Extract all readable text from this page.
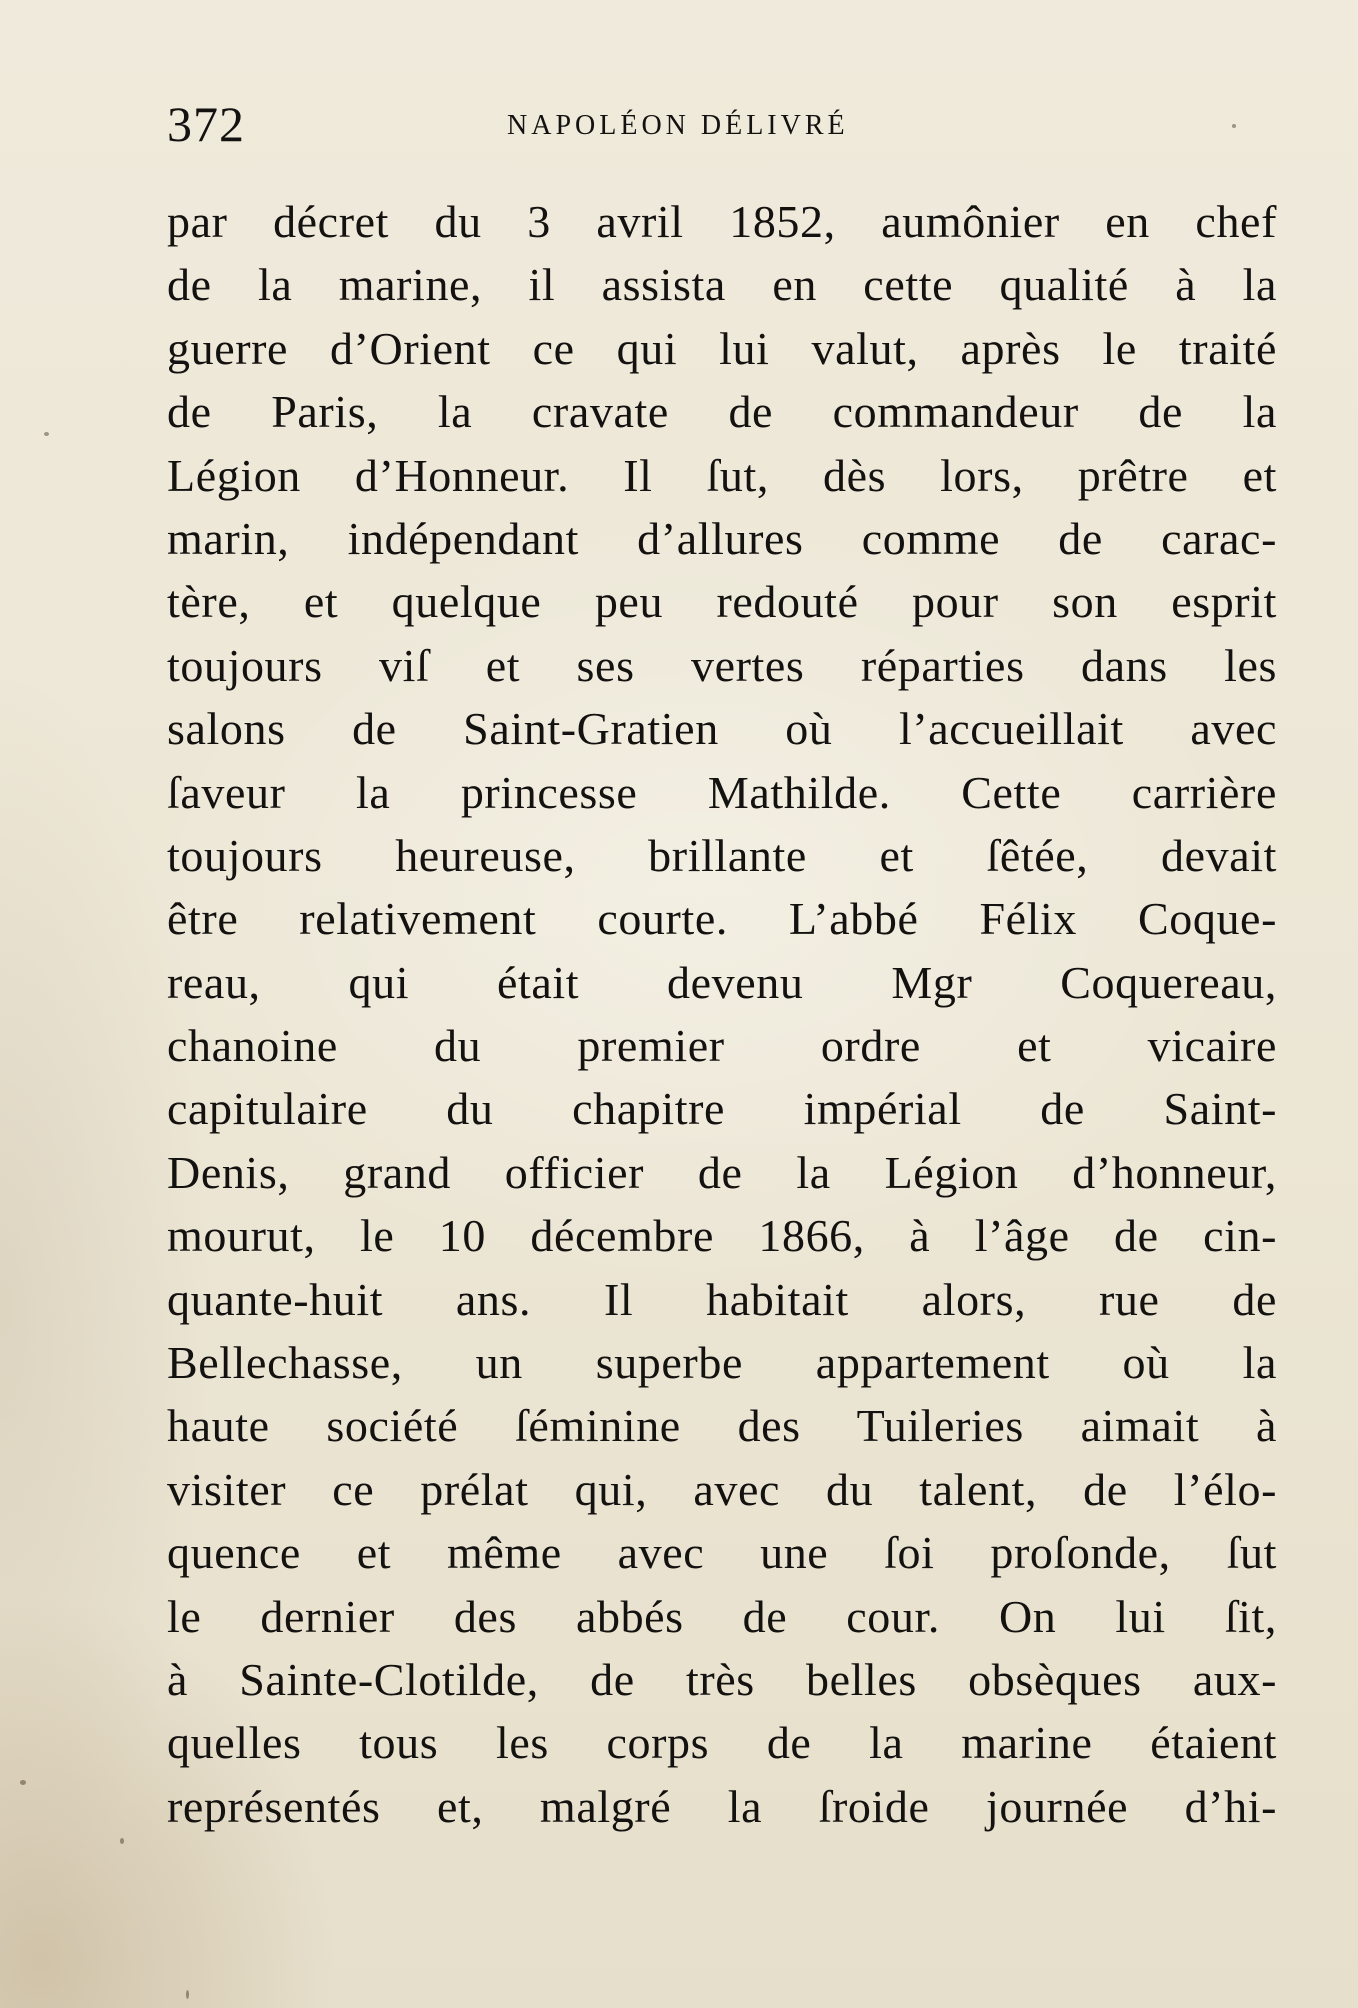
372	NAPOLÉON DÉLIVRÉ
par décret du 3 avril 1852, aumônier en chef
de la marine, il assista en cette qualité à la
guerre d’Orient ce qui lui valut, après le traité
de Paris, la cravate de commandeur de la
Légion d’Honneur. Il ſut, dès lors, prêtre et
marin, indépendant d’allures comme de carac-
tère, et quelque peu redouté pour son esprit
toujours viſ et ses vertes réparties dans les
salons de Saint-Gratien où l’accueillait avec
ſaveur la princesse Mathilde. Cette carrière
toujours heureuse, brillante et ſêtée, devait
être relativement courte. L’abbé Félix Coque-
reau, qui était devenu Mgr Coquereau,
chanoine du premier ordre et vicaire
capitulaire du chapitre impérial de Saint-
Denis, grand officier de la Légion d’honneur,
mourut, le 10 décembre 1866, à l’âge de cin-
quante-huit ans. Il habitait alors, rue de
Bellechasse, un superbe appartement où la
haute société ſéminine des Tuileries aimait à
visiter ce prélat qui, avec du talent, de l’élo-
quence et même avec une ſoi proſonde, ſut
le dernier des abbés de cour. On lui ſit,
à Sainte-Clotilde, de très belles obsèques aux-
quelles tous les corps de la marine étaient
représentés et, malgré la ſroide journée d’hi-
